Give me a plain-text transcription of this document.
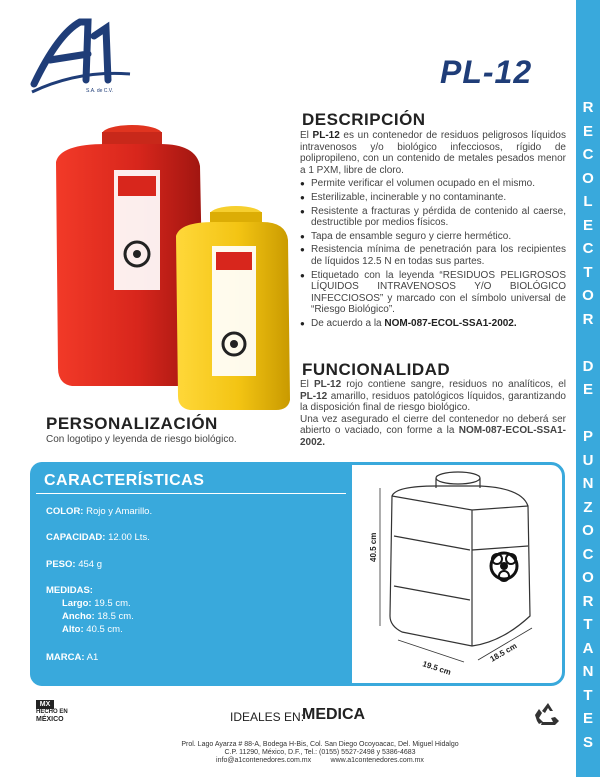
R
E
C
O
L
E
C
T
O
R
D
E
P
U
N
Z
O
C
O
R
T
A
N
T
E
S
S.A. de C.V.
PL-12
DESCRIPCIÓN

El PL-12 es un contenedor de residuos peligrosos líquidos intravenosos y/o biológico infecciosos, rígido de polipropileno, con un contenido de metales pesados menor a 1 PXM, libre de cloro.

● Permite verificar el volumen ocupado en el mismo.
● Esterilizable, incinerable y no contaminante.
● Resistente a fracturas y pérdida de contenido al caerse, destructible por medios físicos.
● Tapa de ensamble seguro y cierre hermético.
● Resistencia mínima de penetración para los recipientes de líquidos 12.5 N en todas sus partes.
● Etiquetado con la leyenda “RESIDUOS PELIGROSOS LÍQUIDOS INTRAVENOSOS Y/O BIOLÓGICO INFECCIOSOS” y marcado con el símbolo universal de “Riesgo Biológico”.
● De acuerdo a la NOM-087-ECOL-SSA1-2002.
FUNCIONALIDAD

El PL-12 rojo contiene sangre, residuos no analíticos, el PL-12 amarillo, residuos patológicos líquidos, garantizando la disposición final de riesgo biológico.

Una vez asegurado el cierre del contenedor no deberá ser abierto o vaciado, con forme a la NOM-087-ECOL-SSA1-2002.

PERSONALIZACIÓN
Con logotipo y leyenda de riesgo biológico.
CARACTERÍSTICAS
COLOR: Rojo y Amarillo.
CAPACIDAD: 12.00 Lts.
PESO: 454 g
MEDIDAS:
Largo: 19.5 cm.
Ancho: 18.5 cm.
Alto: 40.5 cm.
MARCA: A1
40.5 cm
19.5 cm
18.5 cm
MX
HECHO EN
MÉXICO	IDEALES EN:
MEDICA
Prol. Lago Ayarza # 88-A, Bodega H-Bis, Col. San Diego Ocoyoacac, Del. Miguel Hidalgo
C.P. 11290, México, D.F., Tel.: (0155) 5527-2498 y 5386-4683
info@a1contenedores.com.mx	www.a1contenedores.com.mx
